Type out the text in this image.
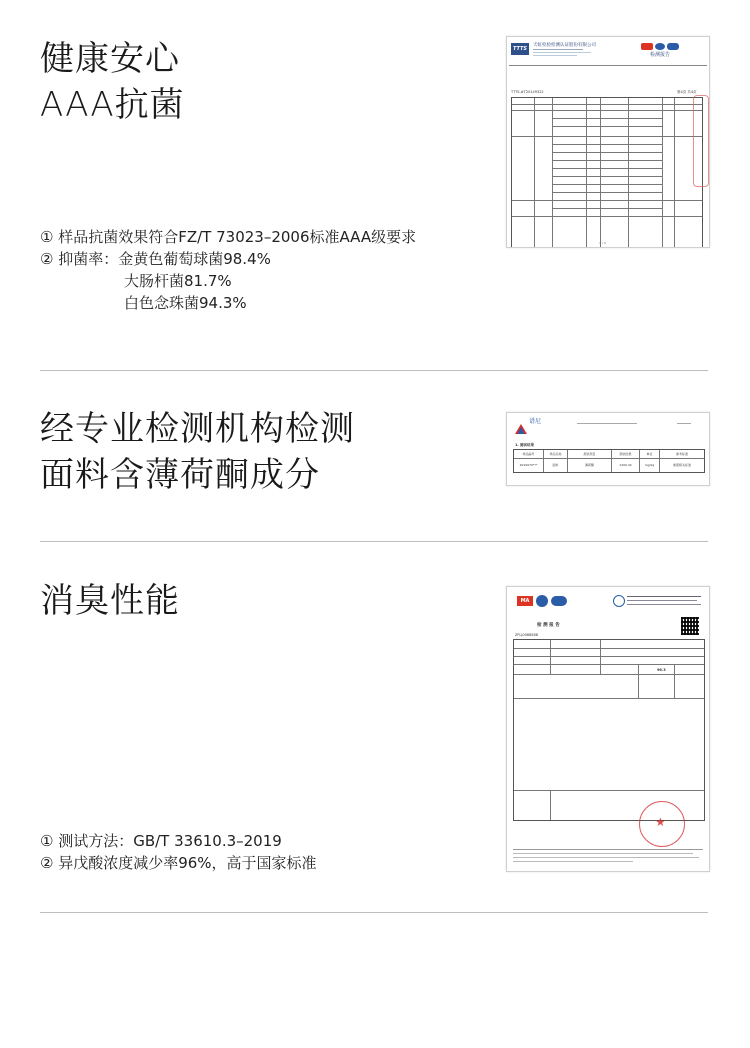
健康安心
AAA抗菌
① 样品抗菌效果符合FZ/T 73023–2006标准AAA级要求
② 抑菌率：金黄色葡萄球菌98.4%
大肠杆菌81.7%
白色念珠菌94.3%
TTTS
天虹检验检测认证股份有限公司
检测报告
TTTS-#T20149322	第4页 共4页
4 / 4
经专业检测机构检测
面料含薄荷酮成分
谱尼
1. 测试结果
样品编号	样品名称	测试项目	测试结果	单位	参考标准
2019070***	面料	薄荷酮	1200.42	mg/kg	参照相关标准
消臭性能
① 测试方法：GB/T 33610.3–2019
② 异戊酸浓度减少率96%，高于国家标准
MA
检 测 报 告
ZFLJ0066588
96.3
★
